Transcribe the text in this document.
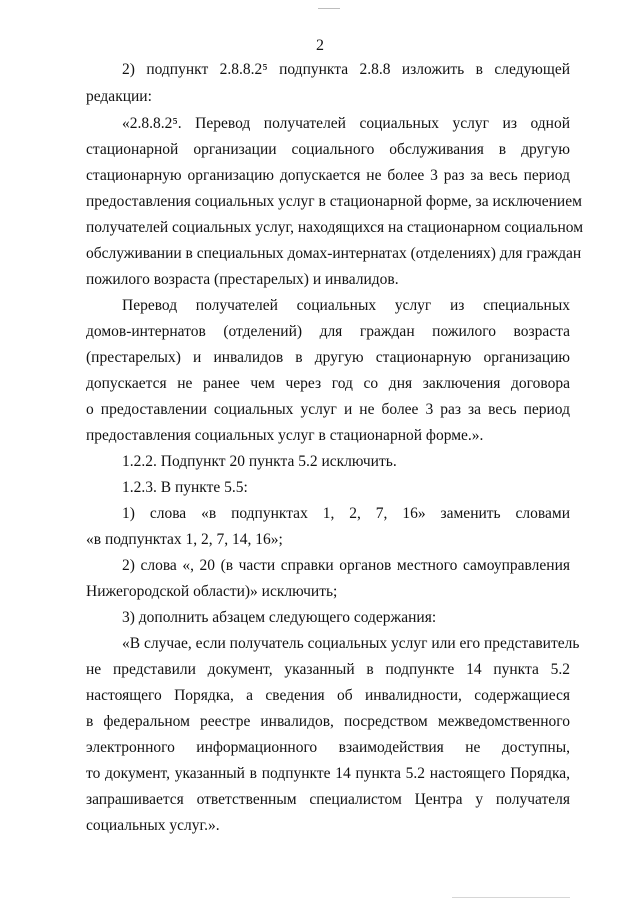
2
2) подпункт 2.8.8.2⁵ подпункта 2.8.8 изложить в следующей
редакции:
«2.8.8.2⁵. Перевод получателей социальных услуг из одной
стационарной организации социального обслуживания в другую
стационарную организацию допускается не более 3 раз за весь период
предоставления социальных услуг в стационарной форме, за исключением
получателей социальных услуг, находящихся на стационарном социальном
обслуживании в специальных домах-интернатах (отделениях) для граждан
пожилого возраста (престарелых) и инвалидов.
Перевод получателей социальных услуг из специальных
домов-интернатов (отделений) для граждан пожилого возраста
(престарелых) и инвалидов в другую стационарную организацию
допускается не ранее чем через год со дня заключения договора
о предоставлении социальных услуг и не более 3 раз за весь период
предоставления социальных услуг в стационарной форме.».
1.2.2. Подпункт 20 пункта 5.2 исключить.
1.2.3. В пункте 5.5:
1) слова «в подпунктах 1, 2, 7, 16» заменить словами
«в подпунктах 1, 2, 7, 14, 16»;
2) слова «, 20 (в части справки органов местного самоуправления
Нижегородской области)» исключить;
3) дополнить абзацем следующего содержания:
«В случае, если получатель социальных услуг или его представитель
не представили документ, указанный в подпункте 14 пункта 5.2
настоящего Порядка, а сведения об инвалидности, содержащиеся
в федеральном реестре инвалидов, посредством межведомственного
электронного информационного взаимодействия не доступны,
то документ, указанный в подпункте 14 пункта 5.2 настоящего Порядка,
запрашивается ответственным специалистом Центра у получателя
социальных услуг.».
